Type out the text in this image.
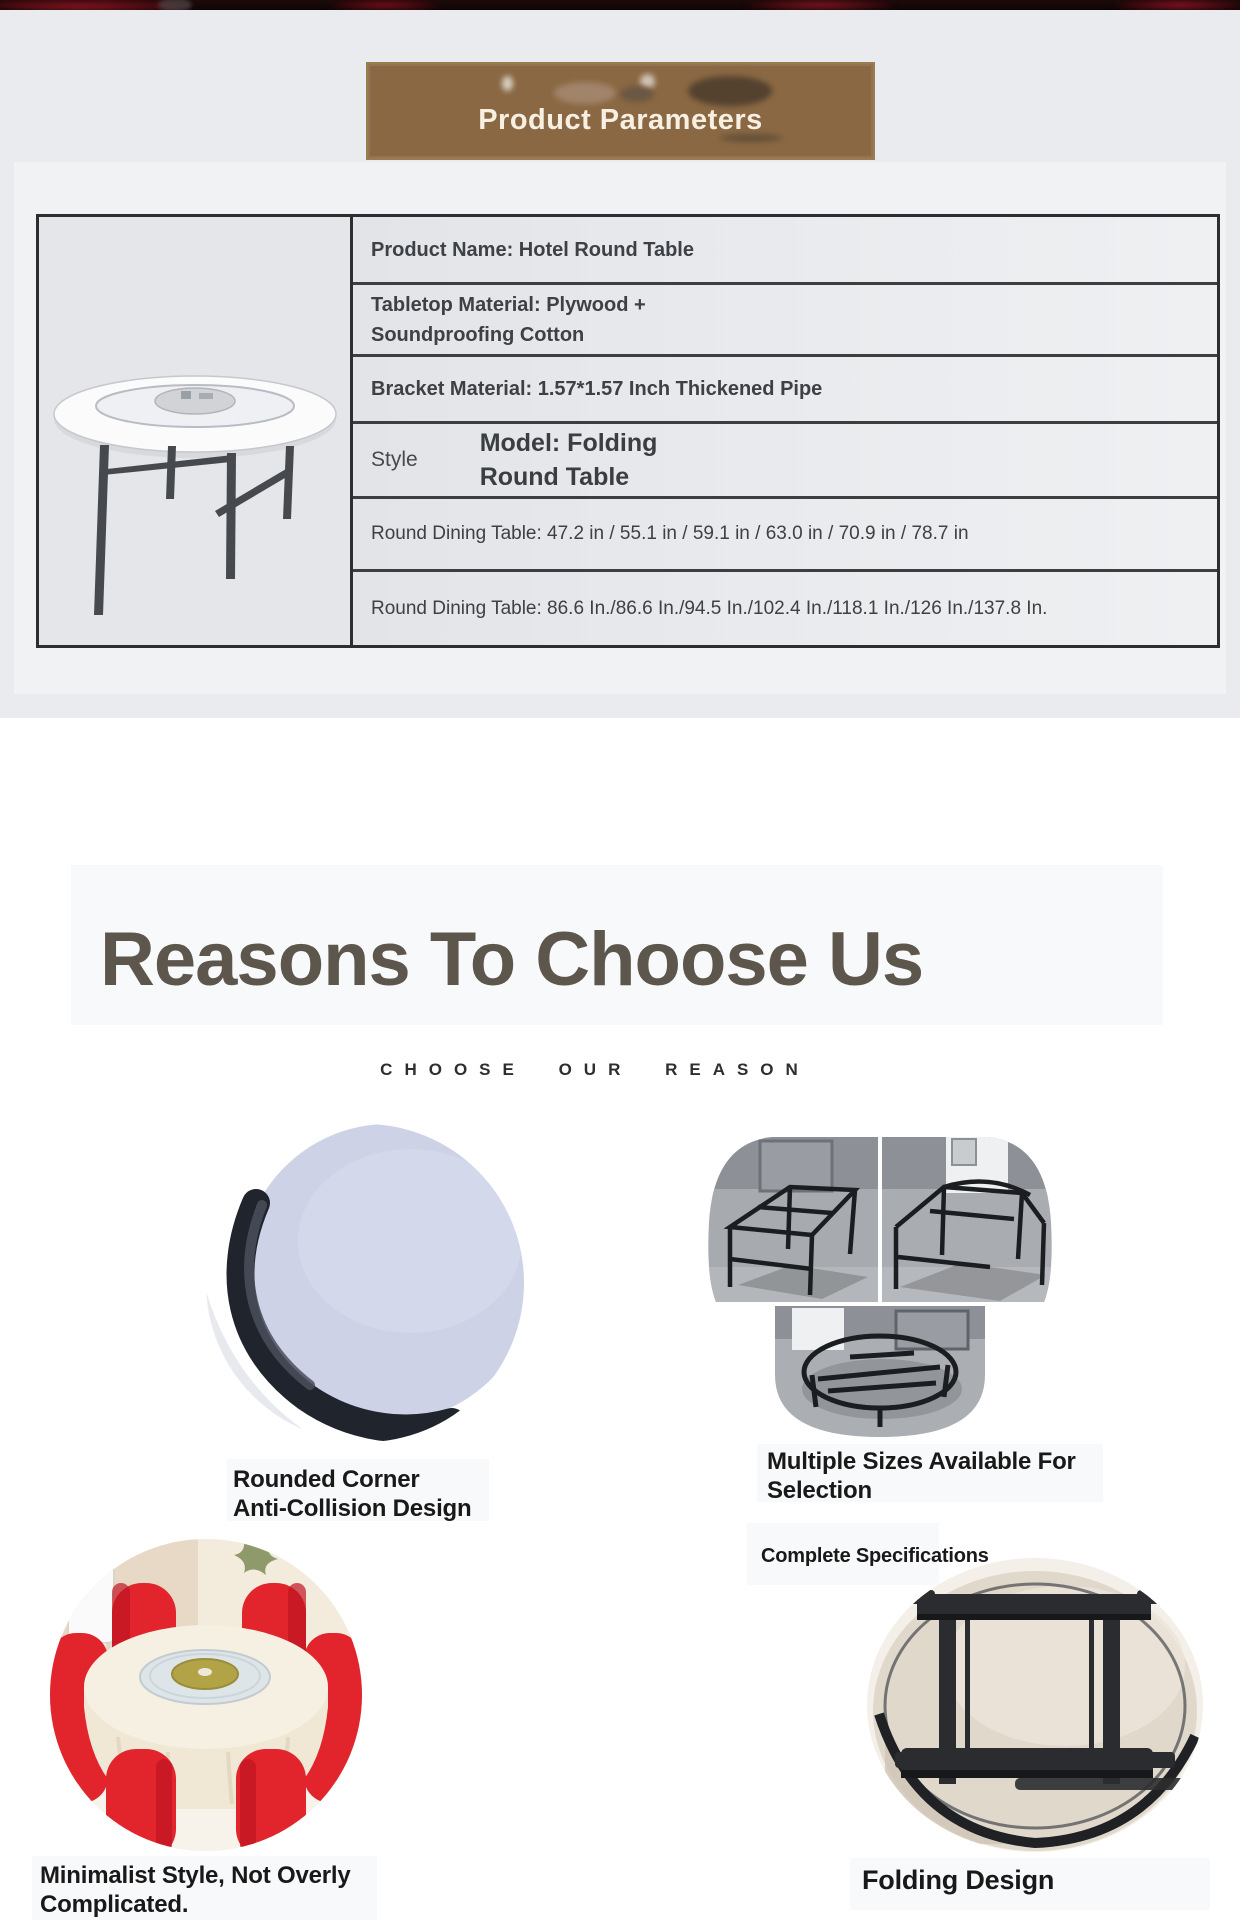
Product Parameters
Product Name: Hotel Round Table
Tabletop Material: Plywood +
Soundproofing Cotton
Bracket Material: 1.57*1.57 Inch Thickened Pipe
Style
Model: Folding
Round Table
Round Dining Table: 47.2 in / 55.1 in / 59.1 in / 63.0 in / 70.9 in / 78.7 in
Round Dining Table: 86.6 In./86.6 In./94.5 In./102.4 In./118.1 In./126 In./137.8 In.
Reasons To Choose Us
CHOOSE OUR REASON
Rounded Corner
Anti-Collision Design
Multiple Sizes Available For
Selection
Complete Specifications
Minimalist Style, Not Overly
Complicated.
Folding Design
